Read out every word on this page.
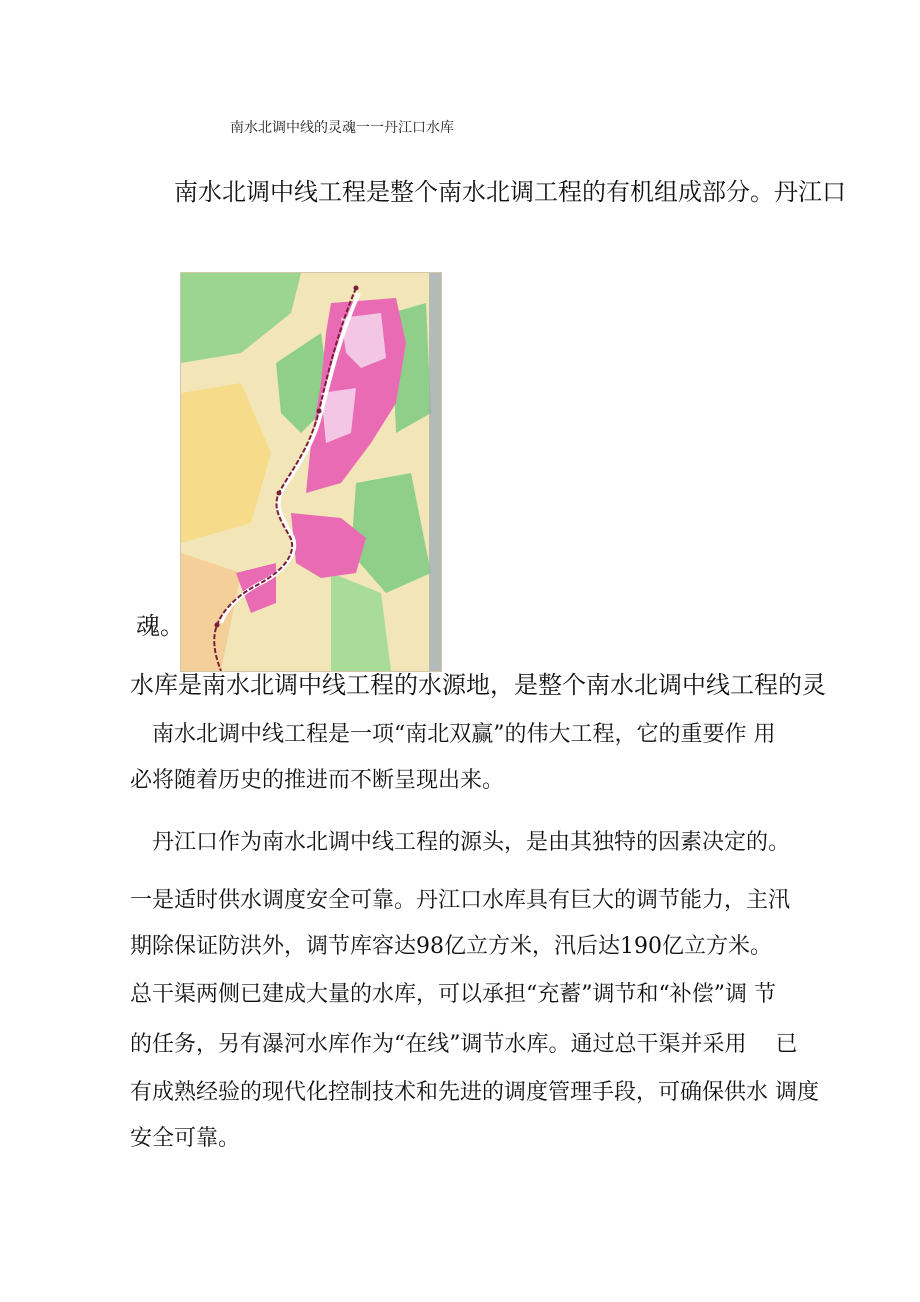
南水北调中线的灵魂一一丹江口水库
南水北调中线工程是整个南水北调工程的有机组成部分。丹江口
魂。
水库是南水北调中线工程的水源地，是整个南水北调中线工程的灵
南水北调中线工程是一项“南北双赢”的伟大工程，它的重要作 用
必将随着历史的推进而不断呈现出来。
丹江口作为南水北调中线工程的源头，是由其独特的因素决定的。
一是适时供水调度安全可靠。丹江口水库具有巨大的调节能力，主汛
期除保证防洪外，调节库容达98亿立方米，汛后达190亿立方米。
总干渠两侧已建成大量的水库，可以承担“充蓄”调节和“补偿”调 节
的任务，另有瀑河水库作为“在线”调节水库。通过总干渠并采用　 已
有成熟经验的现代化控制技术和先进的调度管理手段，可确保供水 调度
安全可靠。
